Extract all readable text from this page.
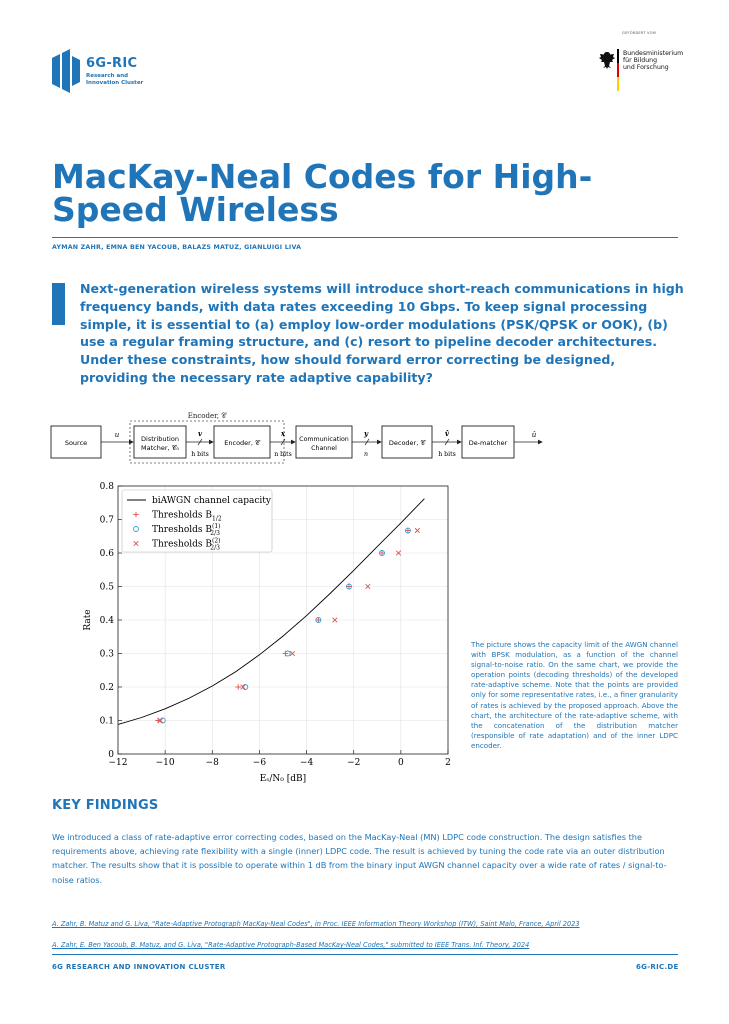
6G-RIC
Research and Innovation Cluster
GEFÖRDERT VOM
Bundesministerium
für Bildung
und Forschung
MacKay-Neal Codes for High-Speed Wireless
AYMAN ZAHR, EMNA BEN YACOUB, BALAZS MATUZ, GIANLUIGI LIVA
Next-generation wireless systems will introduce short-reach communications in high frequency bands, with data rates exceeding 10 Gbps. To keep signal processing simple, it is essential to (a) employ low-order modulations (PSK/QPSK or OOK), (b) use a regular framing structure, and (c) resort to pipeline decoder architectures. Under these constraints, how should forward error correcting be designed, providing the necessary rate adaptive capability?
Encoder, 𝒞
Source	Distribution
Matcher, 𝒞₀
Encoder, 𝒞	Communication
Channel
Decoder, 𝒞	De-matcher
u	v	x	y	v̂	û
h bits	n bits	n	h bits
−12	−10	−8	−6	−4	−2	0	2
0
0.1
0.2
0.3
0.4
0.5
0.6
0.7
0.8
Eₛ/N₀ [dB]
Rate
biAWGN channel capacity
Thresholds $B_{1/2}$
Thresholds $B^{(1)}$ 2/3
Thresholds $B^{(2)}$ 2/3
The picture shows the capacity limit of the AWGN channel with BPSK modulation, as a function of the channel signal-to-noise ratio. On the same chart, we provide the operation points (decoding thresholds) of the developed rate-adaptive scheme. Note that the points are provided only for some representative rates, i.e., a finer granularity of rates is achieved by the proposed approach. Above the chart, the architecture of the rate-adaptive scheme, with the concatenation of the distribution matcher (responsible of rate adaptation) and of the inner LDPC encoder.
KEY FINDINGS
We introduced a class of rate-adaptive error correcting codes, based on the MacKay-Neal (MN) LDPC code construction. The design satisfies the requirements above, achieving rate flexibility with a single (inner) LDPC code. The result is achieved by tuning the code rate via an outer distribution matcher. The results show that it is possible to operate within 1 dB from the binary input AWGN channel capacity over a wide rate of rates / signal-to-noise ratios.
A. Zahr, B. Matuz and G. Liva, "Rate-Adaptive Protograph MacKay-Neal Codes", in Proc. IEEE Information Theory Workshop (ITW), Saint Malo, France, April 2023
A. Zahr, E. Ben Yacoub, B. Matuz, and G. Liva, "Rate-Adaptive Protograph-Based MacKay-Neal Codes," submitted to IEEE Trans. Inf. Theory, 2024
6G RESEARCH AND INNOVATION CLUSTER	6G-RIC.DE
